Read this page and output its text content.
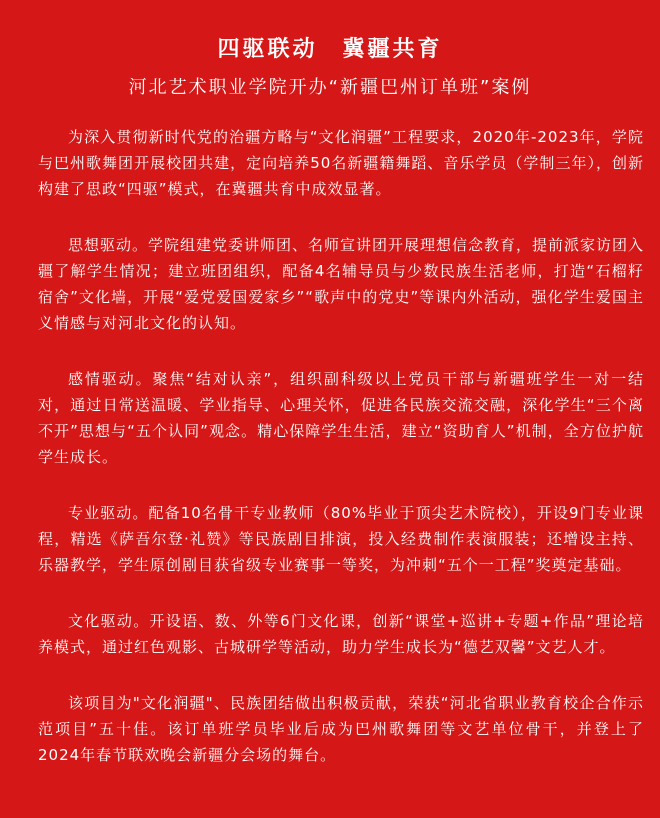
四驱联动　冀疆共育
河北艺术职业学院开办“新疆巴州订单班”案例

为深入贯彻新时代党的治疆方略与“文化润疆”工程要求，2020年-2023年，学院与巴州歌舞团开展校团共建，定向培养50名新疆籍舞蹈、音乐学员（学制三年），创新构建了思政“四驱”模式，在冀疆共育中成效显著。

思想驱动。学院组建党委讲师团、名师宣讲团开展理想信念教育，提前派家访团入疆了解学生情况；建立班团组织，配备4名辅导员与少数民族生活老师，打造“石榴籽宿舍”文化墙，开展“爱党爱国爱家乡”“歌声中的党史”等课内外活动，强化学生爱国主义情感与对河北文化的认知。

感情驱动。聚焦“结对认亲”，组织副科级以上党员干部与新疆班学生一对一结对，通过日常送温暖、学业指导、心理关怀，促进各民族交流交融，深化学生“三个离不开”思想与“五个认同”观念。精心保障学生生活，建立“资助育人”机制，全方位护航学生成长。

专业驱动。配备10名骨干专业教师（80%毕业于顶尖艺术院校），开设9门专业课程，精选《萨吾尔登·礼赞》等民族剧目排演，投入经费制作表演服装；还增设主持、乐器教学，学生原创剧目获省级专业赛事一等奖，为冲刺“五个一工程”奖奠定基础。

文化驱动。开设语、数、外等6门文化课，创新“课堂+巡讲+专题+作品”理论培养模式，通过红色观影、古城研学等活动，助力学生成长为“德艺双馨”文艺人才。

该项目为"文化润疆"、民族团结做出积极贡献，荣获“河北省职业教育校企合作示范项目”五十佳。该订单班学员毕业后成为巴州歌舞团等文艺单位骨干，并登上了2024年春节联欢晚会新疆分会场的舞台。
